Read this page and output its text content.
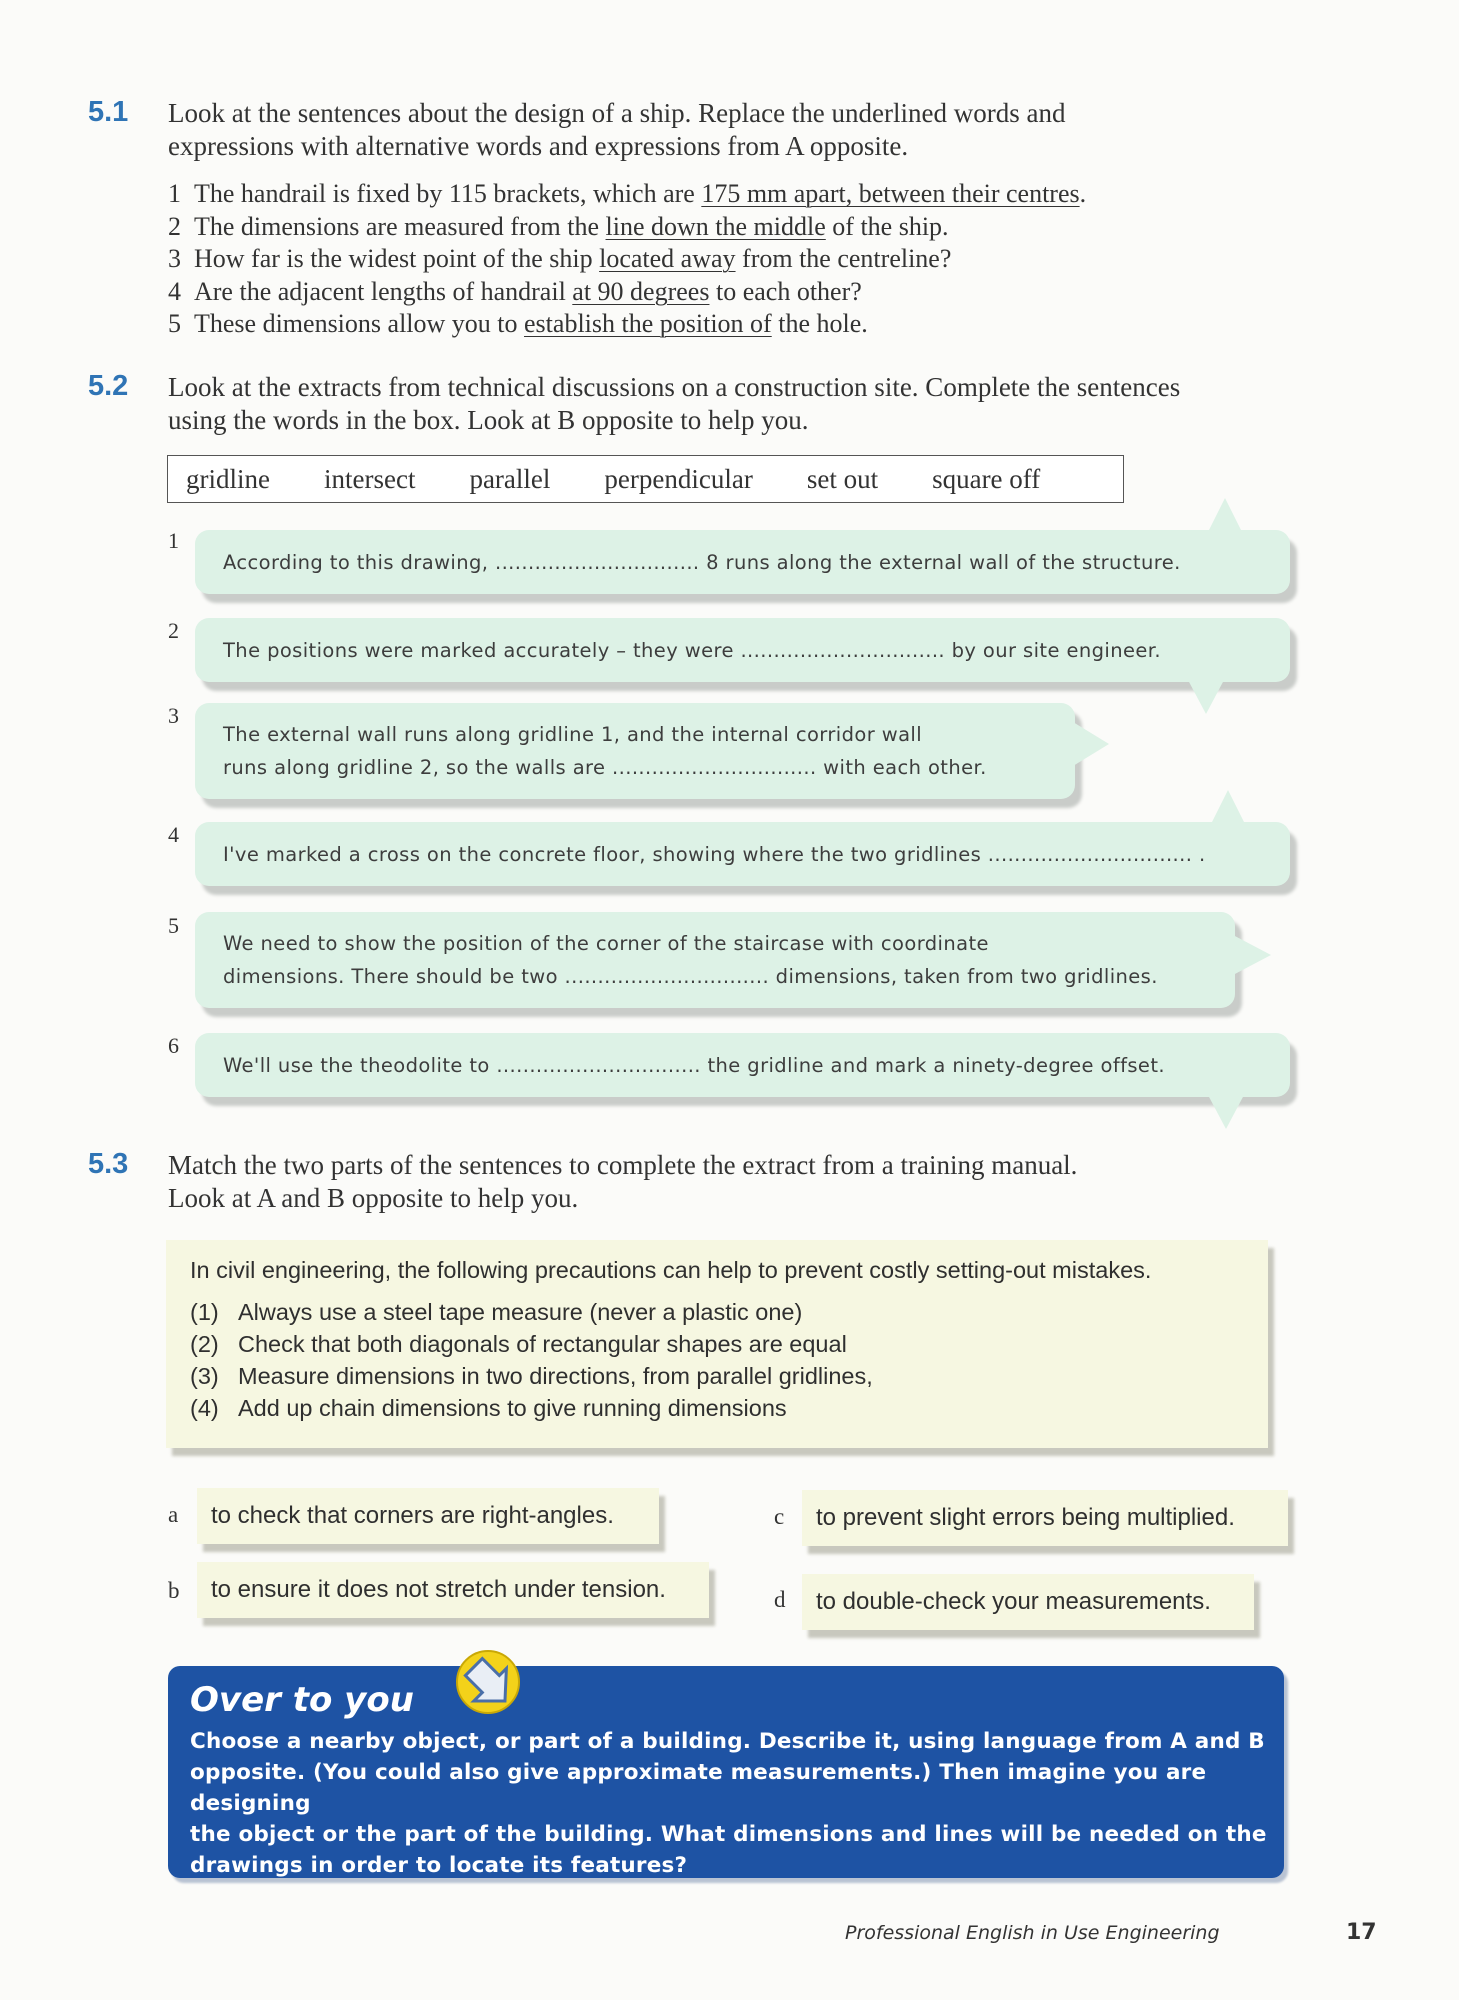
5.1 Look at the sentences about the design of a ship. Replace the underlined words and
expressions with alternative words and expressions from A opposite.
1 The handrail is fixed by 115 brackets, which are 175 mm apart, between their centres.
2 The dimensions are measured from the line down the middle of the ship.
3 How far is the widest point of the ship located away from the centreline?
4 Are the adjacent lengths of handrail at 90 degrees to each other?
5 These dimensions allow you to establish the position of the hole.
5.2 Look at the extracts from technical discussions on a construction site. Complete the sentences
using the words in the box. Look at B opposite to help you.
gridline intersect parallel perpendicular set out square off
1
According to this drawing, ............................... 8 runs along the external wall of the structure.
2
The positions were marked accurately – they were ............................... by our site engineer.
3
The external wall runs along gridline 1, and the internal corridor wall
runs along gridline 2, so the walls are ............................... with each other.
4
I've marked a cross on the concrete floor, showing where the two gridlines ............................... .
5
We need to show the position of the corner of the staircase with coordinate
dimensions. There should be two ............................... dimensions, taken from two gridlines.
6
We'll use the theodolite to ............................... the gridline and mark a ninety-degree offset.
5.3 Match the two parts of the sentences to complete the extract from a training manual.
Look at A and B opposite to help you.
In civil engineering, the following precautions can help to prevent costly setting-out mistakes.
(1) Always use a steel tape measure (never a plastic one)
(2) Check that both diagonals of rectangular shapes are equal
(3) Measure dimensions in two directions, from parallel gridlines,
(4) Add up chain dimensions to give running dimensions
a to check that corners are right-angles.
b to ensure it does not stretch under tension.
c to prevent slight errors being multiplied.
d to double-check your measurements.
Over to you
Choose a nearby object, or part of a building. Describe it, using language from A and B
opposite. (You could also give approximate measurements.) Then imagine you are designing
the object or the part of the building. What dimensions and lines will be needed on the
drawings in order to locate its features?
Professional English in Use Engineering	17
